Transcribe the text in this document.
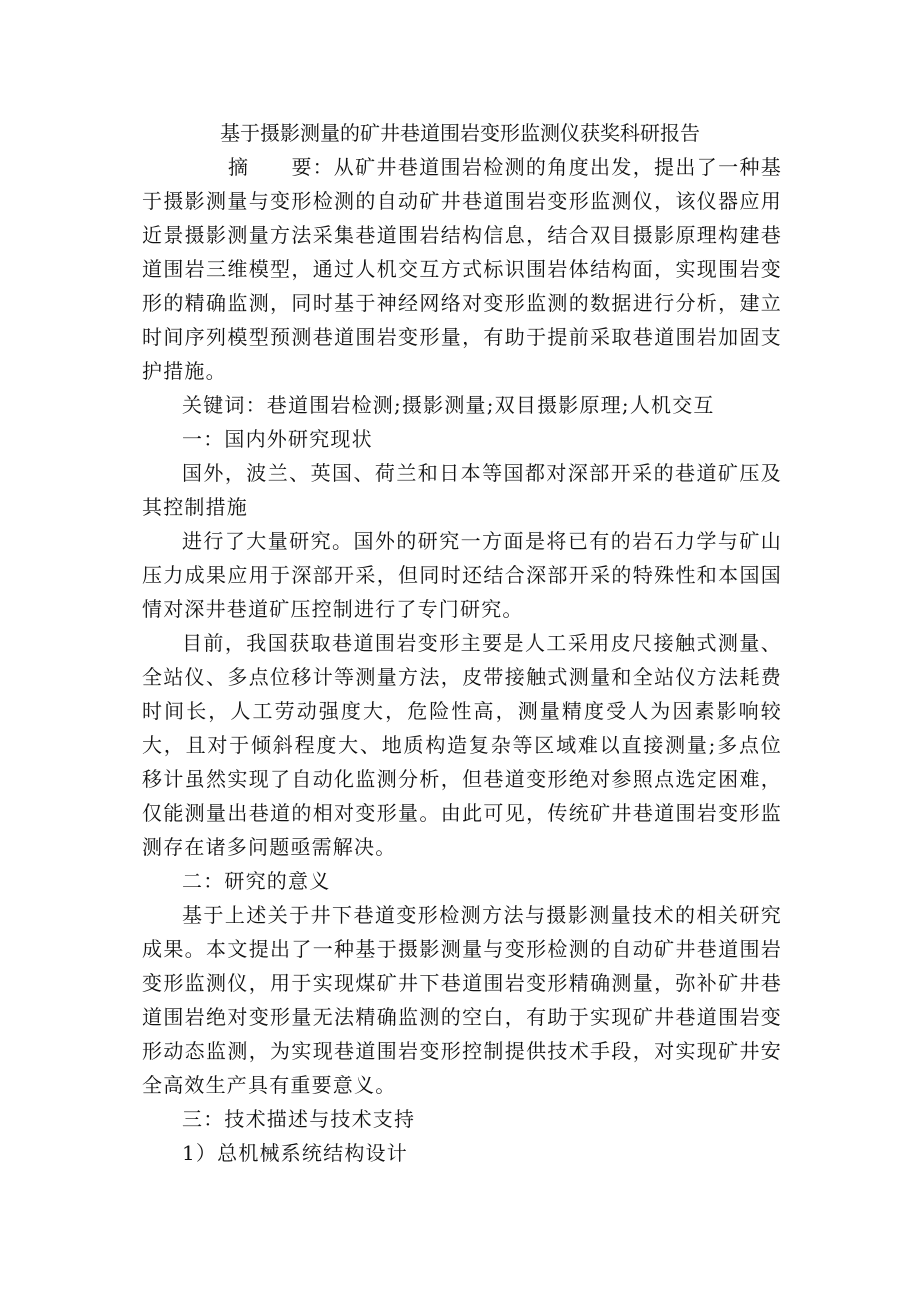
基于摄影测量的矿井巷道围岩变形监测仪获奖科研报告

摘　　要：从矿井巷道围岩检测的角度出发，提出了一种基于摄影测量与变形检测的自动矿井巷道围岩变形监测仪，该仪器应用近景摄影测量方法采集巷道围岩结构信息，结合双目摄影原理构建巷道围岩三维模型，通过人机交互方式标识围岩体结构面，实现围岩变形的精确监测，同时基于神经网络对变形监测的数据进行分析，建立时间序列模型预测巷道围岩变形量，有助于提前采取巷道围岩加固支护措施。

关键词：巷道围岩检测;摄影测量;双目摄影原理;人机交互

一：国内外研究现状

国外，波兰、英国、荷兰和日本等国都对深部开采的巷道矿压及其控制措施

进行了大量研究。国外的研究一方面是将已有的岩石力学与矿山压力成果应用于深部开采，但同时还结合深部开采的特殊性和本国国情对深井巷道矿压控制进行了专门研究。

目前，我国获取巷道围岩变形主要是人工采用皮尺接触式测量、全站仪、多点位移计等测量方法，皮带接触式测量和全站仪方法耗费时间长，人工劳动强度大，危险性高，测量精度受人为因素影响较大，且对于倾斜程度大、地质构造复杂等区域难以直接测量;多点位移计虽然实现了自动化监测分析，但巷道变形绝对参照点选定困难，仅能测量出巷道的相对变形量。由此可见，传统矿井巷道围岩变形监测存在诸多问题亟需解决。

二：研究的意义

基于上述关于井下巷道变形检测方法与摄影测量技术的相关研究成果。本文提出了一种基于摄影测量与变形检测的自动矿井巷道围岩变形监测仪，用于实现煤矿井下巷道围岩变形精确测量，弥补矿井巷道围岩绝对变形量无法精确监测的空白，有助于实现矿井巷道围岩变形动态监测，为实现巷道围岩变形控制提供技术手段，对实现矿井安全高效生产具有重要意义。

三：技术描述与技术支持

1）总机械系统结构设计
